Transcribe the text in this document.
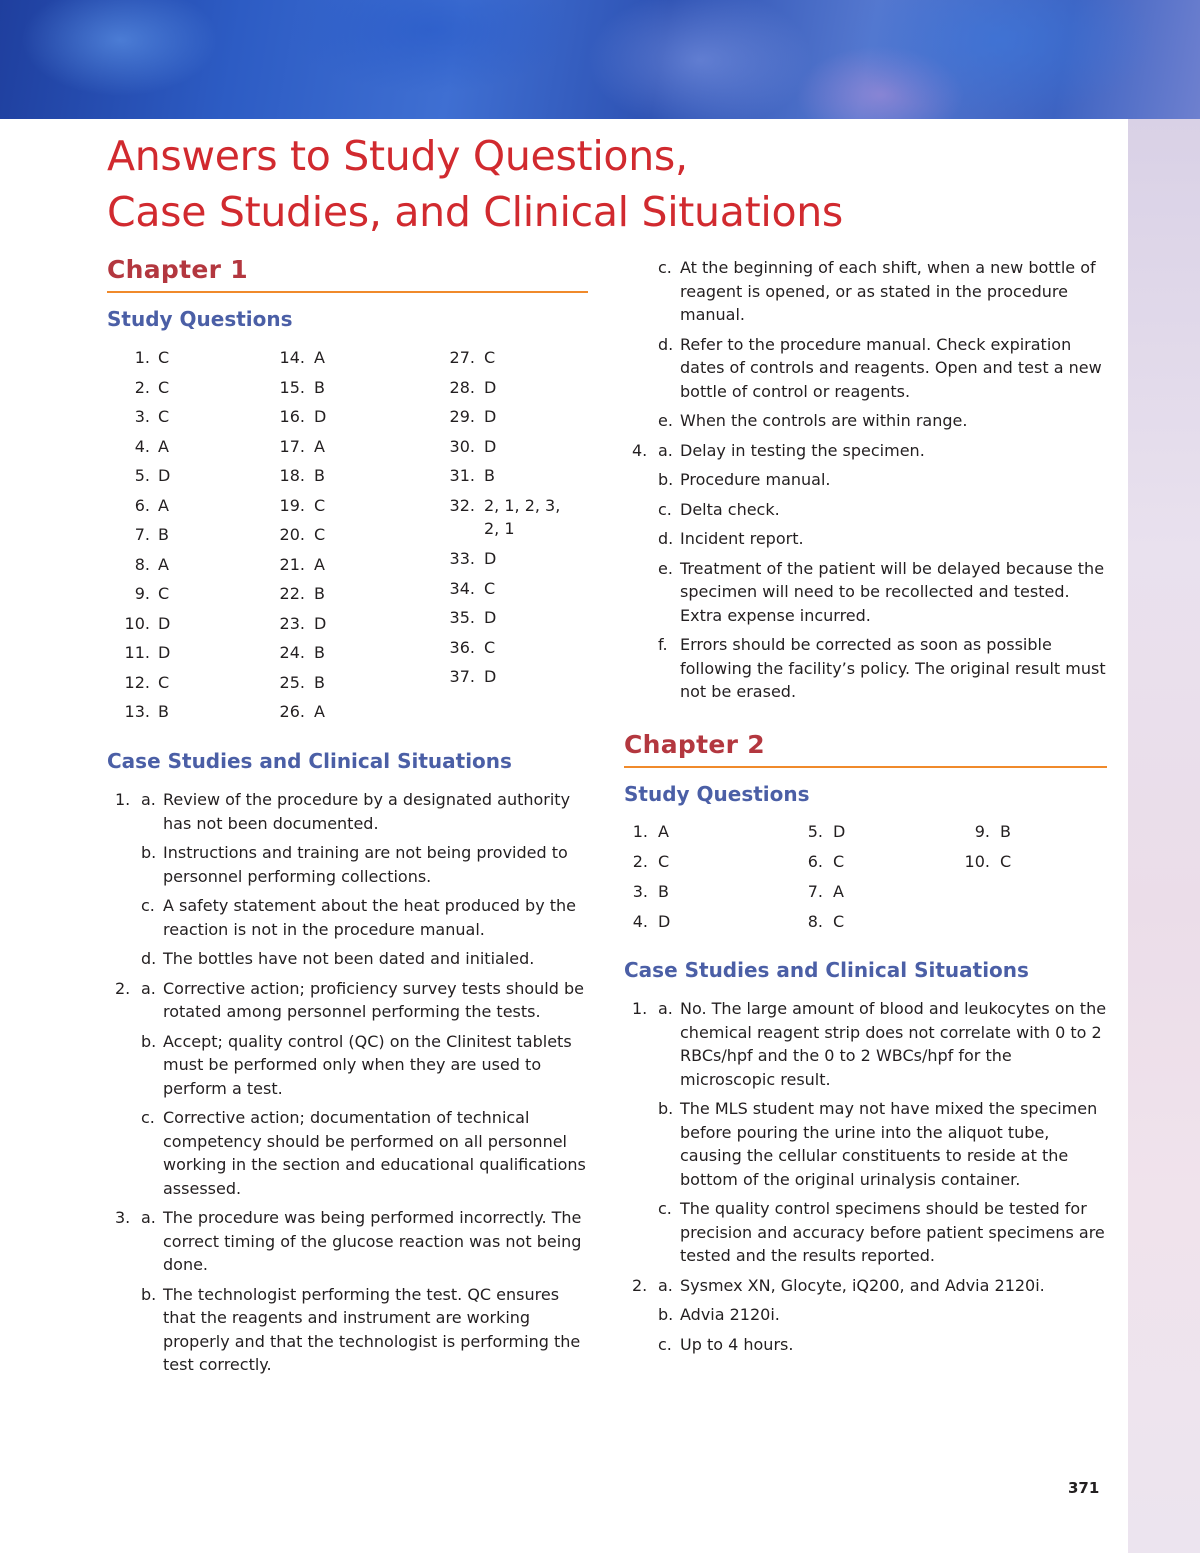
Answers to Study Questions,
Case Studies, and Clinical Situations
Chapter 1
Study Questions
1. C
2. C
3. C
4. A
5. D
6. A
7. B
8. A
9. C
10. D
11. D
12. C
13. B
14. A
15. B
16. D
17. A
18. B
19. C
20. C
21. A
22. B
23. D
24. B
25. B
26. A
27. C
28. D
29. D
30. D
31. B
32. 2, 1, 2, 3, 2, 1
33. D
34. C
35. D
36. C
37. D
Case Studies and Clinical Situations
1. a. Review of the procedure by a designated authority has not been documented.
b. Instructions and training are not being provided to personnel performing collections.
c. A safety statement about the heat produced by the reaction is not in the procedure manual.
d. The bottles have not been dated and initialed.
2. a. Corrective action; proficiency survey tests should be rotated among personnel performing the tests.
b. Accept; quality control (QC) on the Clinitest tablets must be performed only when they are used to perform a test.
c. Corrective action; documentation of technical competency should be performed on all personnel working in the section and educational qualifications assessed.
3. a. The procedure was being performed incorrectly. The correct timing of the glucose reaction was not being done.
b. The technologist performing the test. QC ensures that the reagents and instrument are working properly and that the technologist is performing the test correctly.
c. At the beginning of each shift, when a new bottle of reagent is opened, or as stated in the procedure manual.
d. Refer to the procedure manual. Check expiration dates of controls and reagents. Open and test a new bottle of control or reagents.
e. When the controls are within range.
4. a. Delay in testing the specimen.
b. Procedure manual.
c. Delta check.
d. Incident report.
e. Treatment of the patient will be delayed because the specimen will need to be recollected and tested. Extra expense incurred.
f. Errors should be corrected as soon as possible following the facility’s policy. The original result must not be erased.
Chapter 2
Study Questions
1. A
2. C
3. B
4. D
5. D
6. C
7. A
8. C
9. B
10. C
Case Studies and Clinical Situations
1. a. No. The large amount of blood and leukocytes on the chemical reagent strip does not correlate with 0 to 2 RBCs/hpf and the 0 to 2 WBCs/hpf for the microscopic result.
b. The MLS student may not have mixed the specimen before pouring the urine into the aliquot tube, causing the cellular constituents to reside at the bottom of the original urinalysis container.
c. The quality control specimens should be tested for precision and accuracy before patient specimens are tested and the results reported.
2. a. Sysmex XN, Glocyte, iQ200, and Advia 2120i.
b. Advia 2120i.
c. Up to 4 hours.
371
